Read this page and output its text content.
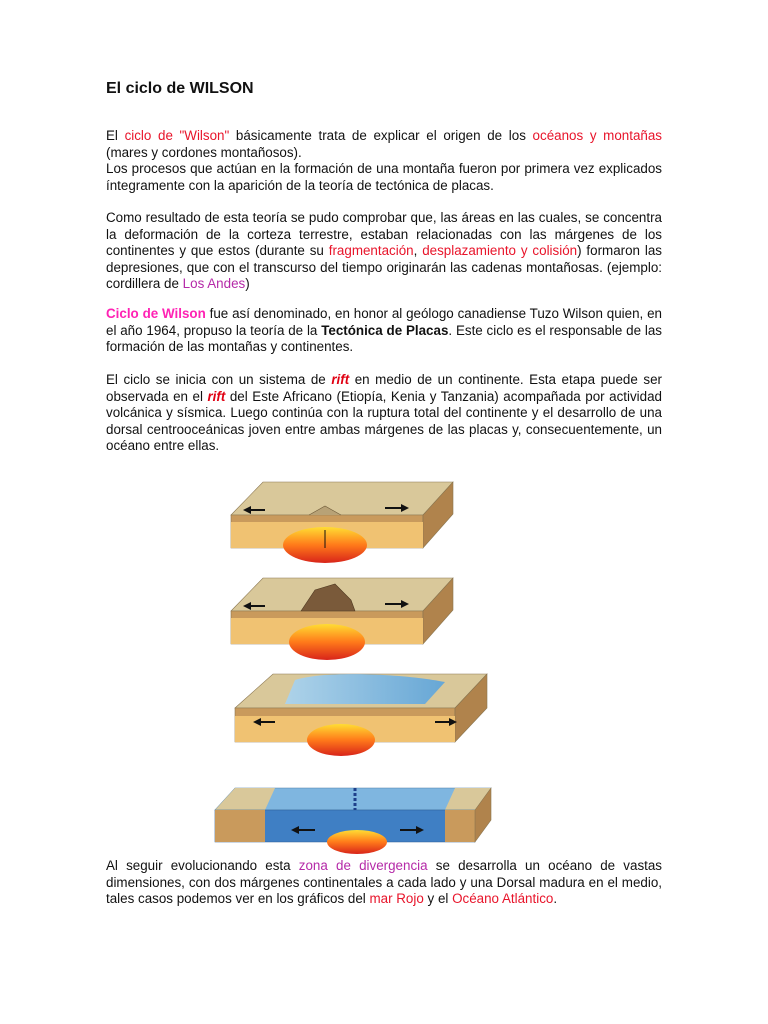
El ciclo de WILSON

El ciclo de "Wilson" básicamente trata de explicar el origen de los océanos y montañas (mares y cordones montañosos).
Los procesos que actúan en la formación de una montaña fueron por primera vez explicados íntegramente con la aparición de la teoría de tectónica de placas.

Como resultado de esta teoría se pudo comprobar que, las áreas en las cuales, se concentra la deformación de la corteza terrestre, estaban relacionadas con las márgenes de los continentes y que estos (durante su fragmentación, desplazamiento y colisión) formaron las depresiones, que con el transcurso del tiempo originarán las cadenas montañosas. (ejemplo: cordillera de Los Andes)

Ciclo de Wilson fue así denominado, en honor al geólogo canadiense Tuzo Wilson quien, en el año 1964, propuso la teoría de la Tectónica de Placas. Este ciclo es el responsable de las formación de las montañas y continentes.

El ciclo se inicia con un sistema de rift en medio de un continente. Esta etapa puede ser observada en el rift del Este Africano (Etiopía, Kenia y Tanzania) acompañada por actividad volcánica y sísmica. Luego continúa con la ruptura total del continente y el desarrollo de una dorsal centrooceánicas joven entre ambas márgenes de las placas y, consecuentemente, un océano entre ellas.

Al seguir evolucionando esta zona de divergencia se desarrolla un océano de vastas dimensiones, con dos márgenes continentales a cada lado y una Dorsal madura en el medio, tales casos podemos ver en los gráficos del mar Rojo y el Océano Atlántico.
